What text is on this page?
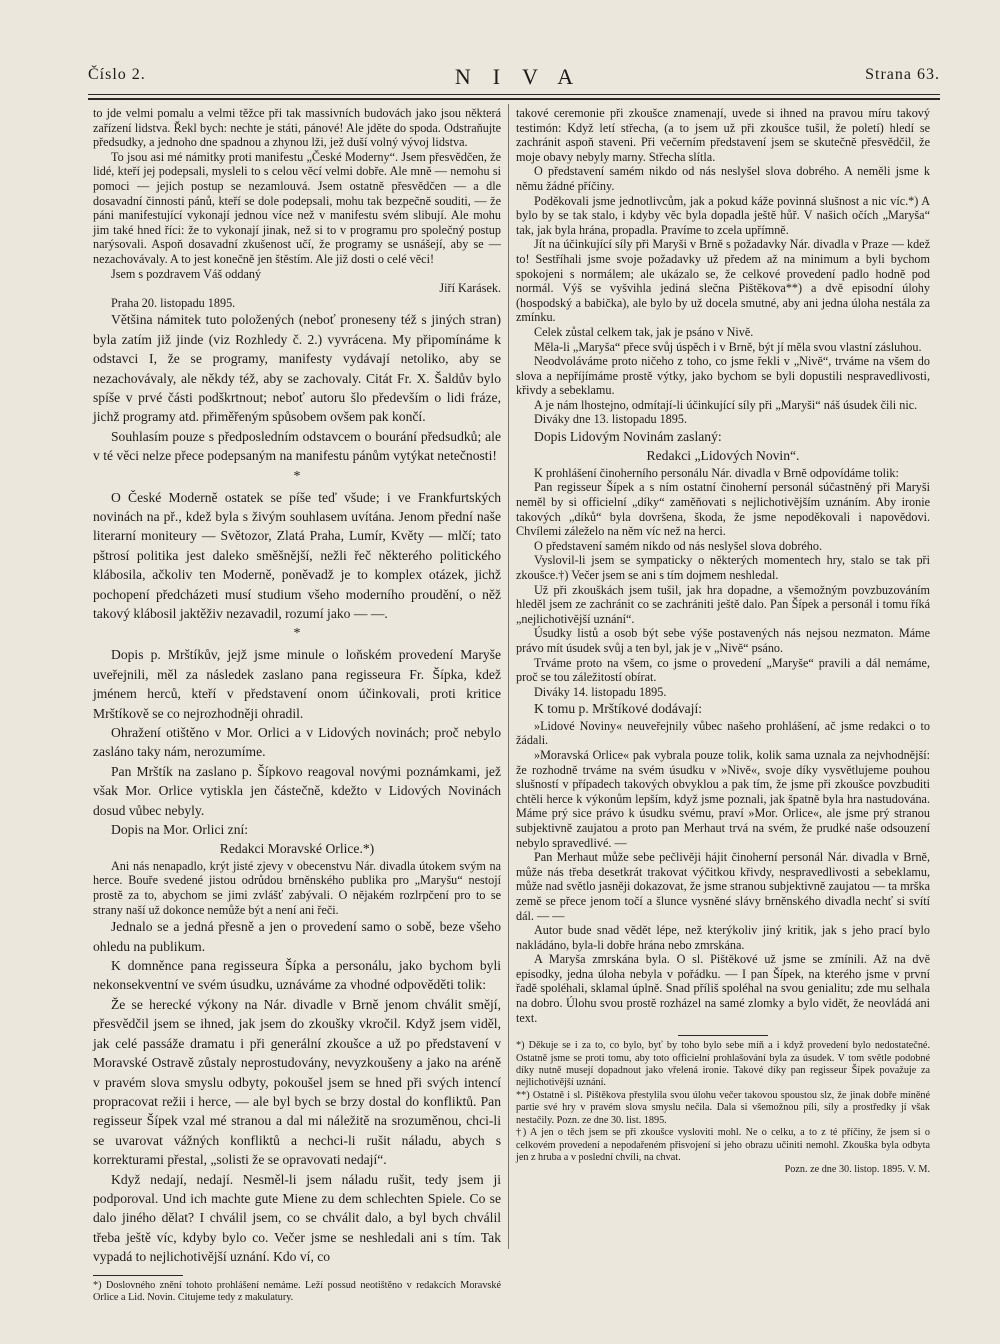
Číslo 2.	NIVA	Strana 63.

to jde velmi pomalu a velmi těžce při tak massivních budovách jako jsou některá zařízení lidstva. Řekl bych: nechte je státi, pánové! Ale jděte do spoda. Odstraňujte předsudky, a jednoho dne spadnou a zhynou lži, jež duší volný vývoj lidstva.

To jsou asi mé námitky proti manifestu „České Moderny“. Jsem přesvědčen, že lidé, kteří jej podepsali, mysleli to s celou věcí velmi dobře. Ale mně — nemohu si pomoci — jejich postup se nezamlouvá. Jsem ostatně přesvědčen — a dle dosavadní činnosti pánů, kteří se dole podepsali, mohu tak bezpečně souditi, — že páni manifestující vykonají jednou více než v manifestu svém slibují. Ale mohu jim také hned říci: že to vykonají jinak, než si to v programu pro společný postup narýsovali. Aspoň dosavadní zkušenost učí, že programy se usnášejí, aby se — nezachovávaly. A to jest konečně jen štěstím. Ale již dosti o celé věci!

Jsem s pozdravem Váš oddaný

Jiří Karásek.

Praha 20. listopadu 1895.

Většina námitek tuto položených (neboť proneseny též s jiných stran) byla zatím již jinde (viz Rozhledy č. 2.) vyvrácena. My připomínáme k odstavci I, že se programy, manifesty vydávají netoliko, aby se nezachovávaly, ale někdy též, aby se zachovaly. Citát Fr. X. Šaldův bylo spíše v prvé části podškrtnout; neboť autoru šlo především o lidi fráze, jichž programy atd. přiměřeným spůsobem ovšem pak končí.

Souhlasím pouze s předposledním odstavcem o bourání předsudků; ale v té věci nelze přece podepsaným na manifestu pánům vytýkat netečnosti!

*

O České Moderně ostatek se píše teď všude; i ve Frankfurtských novinách na př., kdež byla s živým souhlasem uvítána. Jenom přední naše literarní moniteury — Světozor, Zlatá Praha, Lumír, Květy — mlčí; tato pštrosí politika jest daleko směšnější, nežli řeč některého politického klábosila, ačkoliv ten Moderně, poněvadž je to komplex otázek, jichž pochopení předcházeti musí studium všeho moderního proudění, o něž takový klábosil jaktěživ nezavadil, rozumí jako — —.

*

Dopis p. Mrštíkův, jejž jsme minule o loňském provedení Maryše uveřejnili, měl za následek zaslano pana regisseura Fr. Šípka, kdež jménem herců, kteří v představení onom účinkovali, proti kritice Mrštíkově se co nejrozhodněji ohradil.

Ohražení otištěno v Mor. Orlici a v Lidových novinách; proč nebylo zasláno taky nám, nerozumíme.

Pan Mrštík na zaslano p. Šípkovo reagoval novými poznámkami, jež však Mor. Orlice vytiskla jen částečně, kdežto v Lidových Novinách dosud vůbec nebyly.

Dopis na Mor. Orlici zní:

Redakci Moravské Orlice.*)

Ani nás nenapadlo, krýt jisté zjevy v obecenstvu Nár. divadla útokem svým na herce. Bouře svedené jistou odrůdou brněnského publika pro „Maryšu“ nestojí prostě za to, abychom se jimi zvlášť zabývali. O nějakém rozlrpčení pro to se strany naší už dokonce nemůže být a není ani řeči.

Jednalo se a jedná přesně a jen o provedení samo o sobě, beze všeho ohledu na publikum.

K domněnce pana regisseura Šípka a personálu, jako bychom byli nekonsekventní ve svém úsudku, uznáváme za vhodné odpověděti tolik:

Že se herecké výkony na Nár. divadle v Brně jenom chválit smějí, přesvědčil jsem se ihned, jak jsem do zkoušky vkročil. Když jsem viděl, jak celé passáže dramatu i při generální zkoušce a už po představení v Moravské Ostravě zůstaly neprostudovány, nevyzkoušeny a jako na aréně v pravém slova smyslu odbyty, pokoušel jsem se hned při svých intencí propracovat režii i herce, — ale byl bych se brzy dostal do konfliktů. Pan regisseur Šípek vzal mé stranou a dal mi náležitě na srozuměnou, chci-li se uvarovat vážných konfliktů a nechci-li rušit náladu, abych s korrekturami přestal, „solisti že se opravovati nedají“.

Když nedají, nedají. Nesměl-li jsem náladu rušit, tedy jsem ji podporoval. Und ich machte gute Miene zu dem schlechten Spiele. Co se dalo jiného dělat? I chválil jsem, co se chválit dalo, a byl bych chválil třeba ještě víc, kdyby bylo co. Večer jsme se neshledali ani s tím. Tak vypadá to nejlichotivější uznání. Kdo ví, co

*) Doslovného znění tohoto prohlášení nemáme. Leží possud neotištěno v redakcích Moravské Orlice a Lid. Novin. Citujeme tedy z makulatury.

takové ceremonie při zkoušce znamenají, uvede si ihned na pravou míru takový testimón: Když letí střecha, (a to jsem už při zkoušce tušil, že poletí) hledí se zachránit aspoň staveni. Při večerním představení jsem se skutečně přesvědčil, že moje obavy nebyly marny. Střecha slítla.

O představení samém nikdo od nás neslyšel slova dobrého. A neměli jsme k němu žádné příčiny.

Poděkovali jsme jednotlivcům, jak a pokud káže povinná slušnost a nic víc.*) A bylo by se tak stalo, i kdyby věc byla dopadla ještě hůř. V našich očích „Maryša“ tak, jak byla hrána, propadla. Pravíme to zcela upřímně.

Jít na účinkující síly při Maryši v Brně s požadavky Nár. divadla v Praze — kdež to! Sestříhali jsme svoje požadavky už předem až na minimum a byli bychom spokojeni s normálem; ale ukázalo se, že celkové provedení padlo hodně pod normál. Výš se vyšvihla jediná slečna Pištěkova**) a dvě episodní úlohy (hospodský a babička), ale bylo by už docela smutné, aby ani jedna úloha nestála za zmínku.

Celek zůstal celkem tak, jak je psáno v Nivě.

Měla-li „Maryša“ přece svůj úspěch i v Brně, být jí měla svou vlastní zásluhou.

Neodvoláváme proto ničeho z toho, co jsme řekli v „Nivě“, trváme na všem do slova a nepříjímáme prostě výtky, jako bychom se byli dopustili nespravedlivosti, křivdy a sebeklamu.

A je nám lhostejno, odmítají-li účinkující síly při „Maryši“ náš úsudek čili nic.

Diváky dne 13. listopadu 1895.

Dopis Lidovým Novinám zaslaný:

Redakci „Lidových Novin“.

K prohlášení činoherního personálu Nár. divadla v Brně odpovídáme tolik:

Pan regisseur Šípek a s ním ostatní činoherní personál súčastněný při Maryši neměl by si officielní „díky“ zaměňovati s nejlichotivějším uznáním. Aby ironie takových „díků“ byla dovršena, škoda, že jsme nepoděkovali i napovědovi. Chvílemi záleželo na něm víc než na herci.

O představení samém nikdo od nás neslyšel slova dobrého.

Vyslovil-li jsem se sympaticky o některých momentech hry, stalo se tak při zkoušce.†) Večer jsem se ani s tím dojmem neshledal.

Už při zkouškách jsem tušil, jak hra dopadne, a všemožným povzbuzováním hleděl jsem ze zachránit co se zachrániti ještě dalo. Pan Šípek a personál i tomu říká „nejlichotivější uznání“.

Úsudky listů a osob být sebe výše postavených nás nejsou nezmaton. Máme právo mít úsudek svůj a ten byl, jak je v „Nivě“ psáno.

Trváme proto na všem, co jsme o provedení „Maryše“ pravili a dál nemáme, proč se tou záležitostí obírat.

Diváky 14. listopadu 1895.

K tomu p. Mrštíkové dodávají:

»Lidové Noviny« neuveřejnily vůbec našeho prohlášení, ač jsme redakci o to žádali.

»Moravská Orlice« pak vybrala pouze tolik, kolik sama uznala za nejvhodnější: že rozhodně trváme na svém úsudku v »Nivě«, svoje díky vysvětlujeme pouhou slušností v případech takových obvyklou a pak tím, že jsme při zkoušce povzbuditi chtěli herce k výkonům lepším, když jsme poznali, jak špatně byla hra nastudována. Máme prý sice právo k úsudku svému, praví »Mor. Orlice«, ale jsme prý stranou subjektivně zaujatou a proto pan Merhaut trvá na svém, že prudké naše odsouzení nebylo spravedlivé. —

Pan Merhaut může sebe pečlivěji hájit činoherní personál Nár. divadla v Brně, může nás třeba desetkrát trakovat výčitkou křivdy, nespravedlivosti a sebeklamu, může nad světlo jasněji dokazovat, že jsme stranou subjektivně zaujatou — ta mrška země se přece jenom točí a šlunce vysněné slávy brněnského divadla nechť si svítí dál. — —

Autor bude snad vědět lépe, než kterýkoliv jiný kritik, jak s jeho prací bylo nakládáno, byla-li dobře hrána nebo zmrskána.

A Maryša zmrskána byla. O sl. Pištěkové už jsme se zmínili. Až na dvě episodky, jedna úloha nebyla v pořádku. — I pan Šípek, na kterého jsme v první řadě spoléhali, sklamal úplně. Snad příliš spoléhal na svou genialitu; zde mu selhala na dobro. Úlohu svou prostě rozházel na samé zlomky a bylo vidět, že neovládá ani text.

*) Děkuje se i za to, co bylo, byť by toho bylo sebe míň a i když provedení bylo nedostatečné. Ostatně jsme se proti tomu, aby toto officielní prohlašování byla za úsudek. V tom světle podobné díky nutně musejí dopadnout jako vřelená ironie. Takové díky pan regisseur Šípek považuje za nejlichotivější uznání.

**) Ostatně i sl. Pištěkova přestylila svou úlohu večer takovou spoustou slz, že jinak dobře míněné partie své hry v pravém slova smyslu nečila. Dala si všemožnou píli, síly a prostředky jí však nestačily. Pozn. ze dne 30. list. 1895.

†) A jen o těch jsem se při zkoušce vysloviti mohl. Ne o celku, a to z té příčiny, že jsem si o celkovém provedení a nepodařeném přisvojení si jeho obrazu učiniti nemohl. Zkouška byla odbyta jen z hruba a v poslední chvíli, na chvat.

Pozn. ze dne 30. listop. 1895. V. M.
